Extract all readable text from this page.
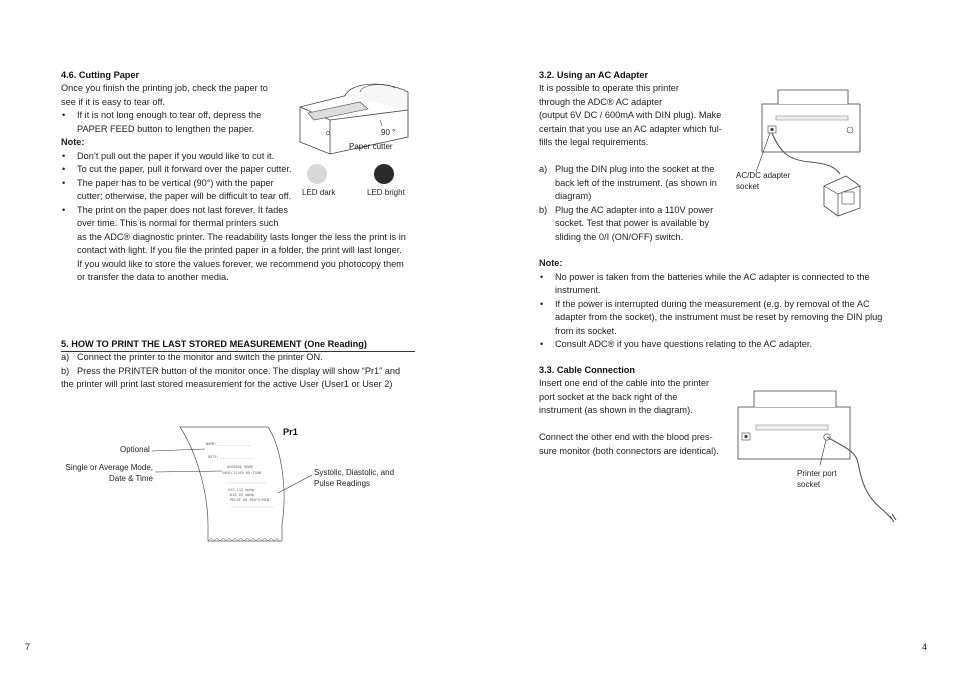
4.6. Cutting Paper
Once you finish the printing job, check the paper to
see if it is easy to tear off.
• If it is not long enough to tear off, depress the
PAPER FEED button to lengthen the paper.
Note:
• Don’t pull out the paper if you would like to cut it.
• To cut the paper, pull it forward over the paper cutter.
• The paper has to be vertical (90°) with the paper
cutter; otherwise, the paper will be difficult to tear off.
• The print on the paper does not last forever. It fades
over time. This is normal for thermal printers such
as the ADC® diagnostic printer. The readability lasts longer the less the print is in
contact with light. If you file the printed paper in a folder, the print will last longer.
If you would like to store the values forever, we recommend you photocopy them
or transfer the data to another media.
90 °
Paper cutter
LED dark	LED bright
5. HOW TO PRINT THE LAST STORED MEASUREMENT (One Reading)
a) Connect the printer to the monitor and switch the printer ON.
b) Press the PRINTER button of the monitor once. The display will show “Pr1” and
the printer will print last stored measurement for the active User (User1 or User 2)
NAME:________________
DATE:________________
AVERAGE MODE
2005/11/09 09:33AM
SYS 115 mmHg
DIA 65 mmHg
PULSE 60 BEATS/MIN
Pr1
Optional
Single or Average Mode,
Date & Time
Systolic, Diastolic, and
Pulse Readings
7
3.2. Using an AC Adapter
It is possible to operate this printer
through the ADC® AC adapter
(output 6V DC / 600mA with DIN plug). Make
certain that you use an AC adapter which ful-
fills the legal requirements.
a) Plug the DIN plug into the socket at the
back left of the instrument. (as shown in
diagram)
b) Plug the AC adapter into a 110V power
socket. Test that power is available by
sliding the 0/I (ON/OFF) switch.
AC/DC adapter
socket
Note:
• No power is taken from the batteries while the AC adapter is connected to the
instrument.
• If the power is interrupted during the measurement (e.g. by removal of the AC
adapter from the socket), the instrument must be reset by removing the DIN plug
from its socket.
• Consult ADC® if you have questions relating to the AC adapter.
3.3. Cable Connection
Insert one end of the cable into the printer
port socket at the back right of the
instrument (as shown in the diagram).
Connect the other end with the blood pres-
sure monitor (both connectors are identical).
Printer port
socket
4
